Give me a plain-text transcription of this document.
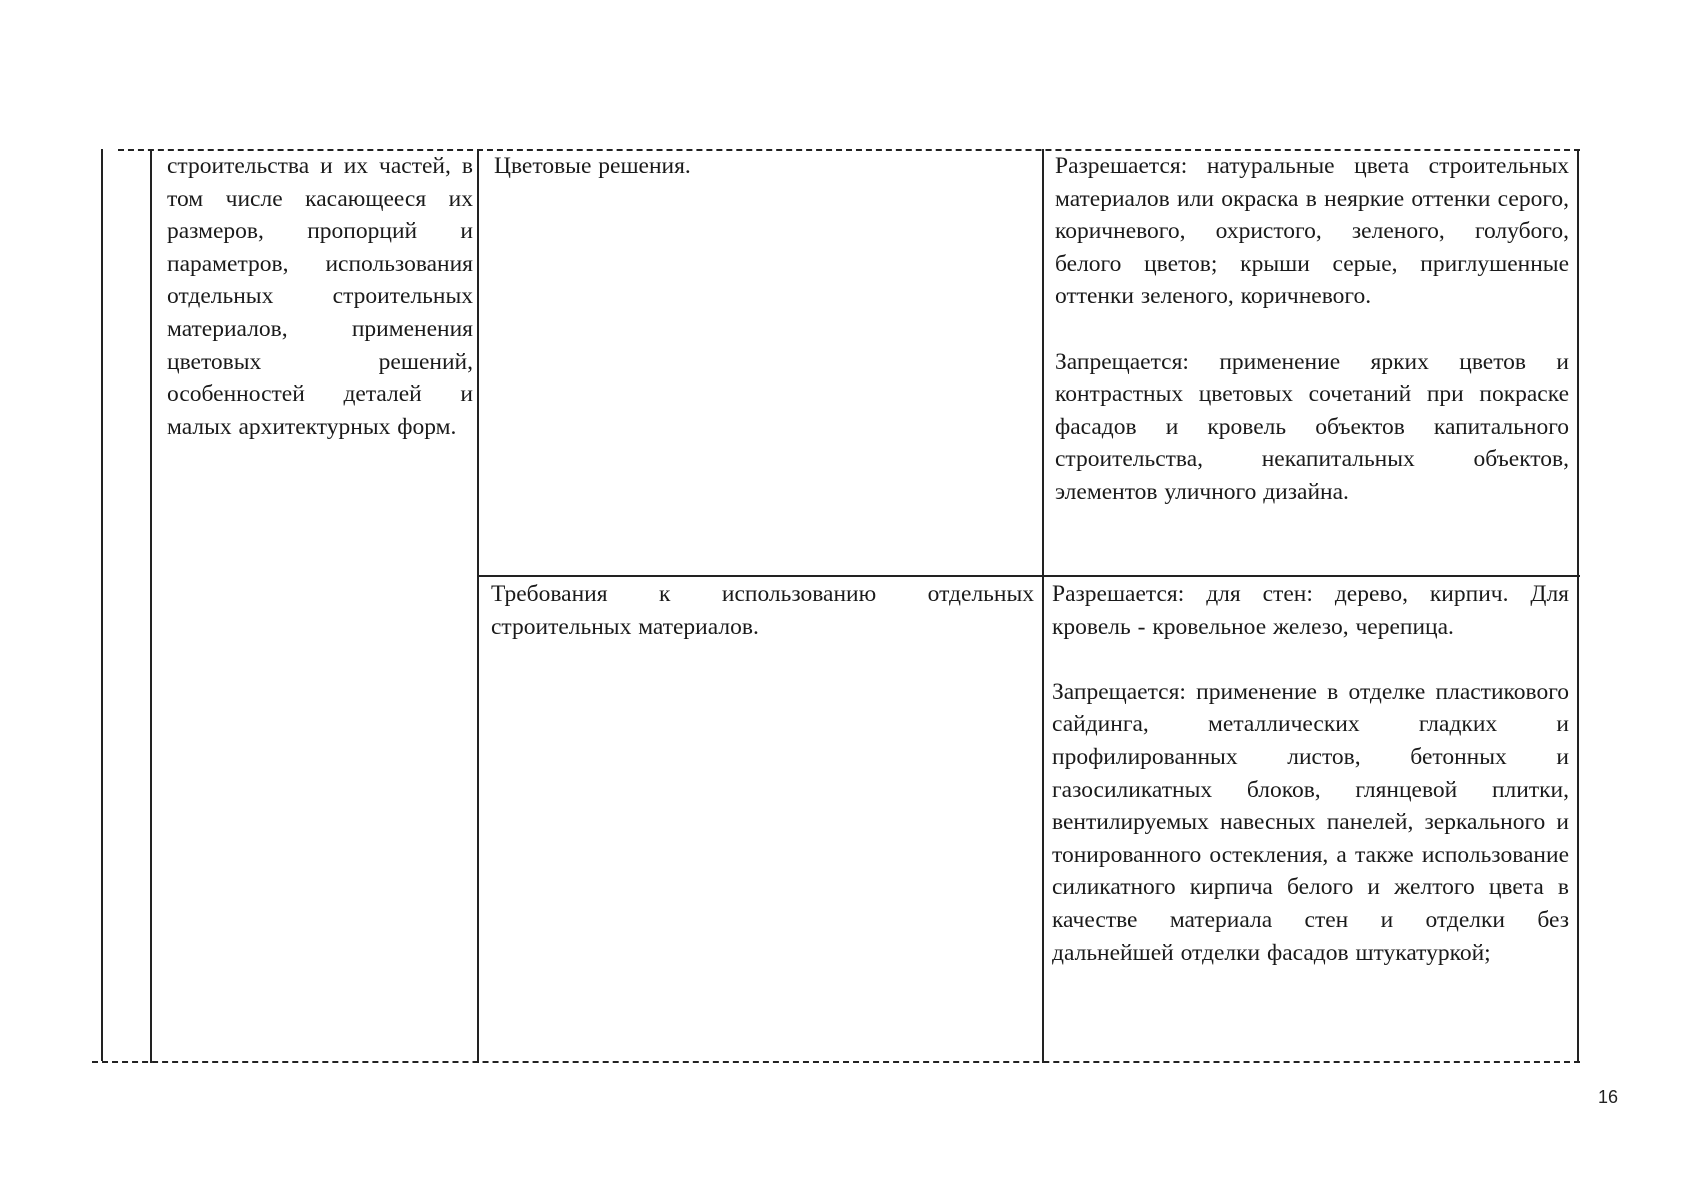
строительства и их частей, в том числе касающееся их размеров, пропорций и параметров, использования отдельных строительных материалов, применения цветовых решений, особенностей деталей и малых архитектурных форм.

Цветовые решения.	Разрешается: натуральные цвета строительных материалов или окраска в неяркие оттенки серого, коричневого, охристого, зеленого, голубого, белого цветов; крыши серые, приглушенные оттенки зеленого, коричневого.

Запрещается: применение ярких цветов и контрастных цветовых сочетаний при покраске фасадов и кровель объектов капитального строительства, некапитальных объектов, элементов уличного дизайна.

Требования к использованию отдельных строительных материалов.

Разрешается: для стен: дерево, кирпич. Для кровель - кровельное железо, черепица.

Запрещается: применение в отделке пластикового сайдинга, металлических гладких и профилированных листов, бетонных и газосиликатных блоков, глянцевой плитки, вентилируемых навесных панелей, зеркального и тонированного остекления, а также использование силикатного кирпича белого и желтого цвета в качестве материала стен и отделки без дальнейшей отделки фасадов штукатуркой;

16
